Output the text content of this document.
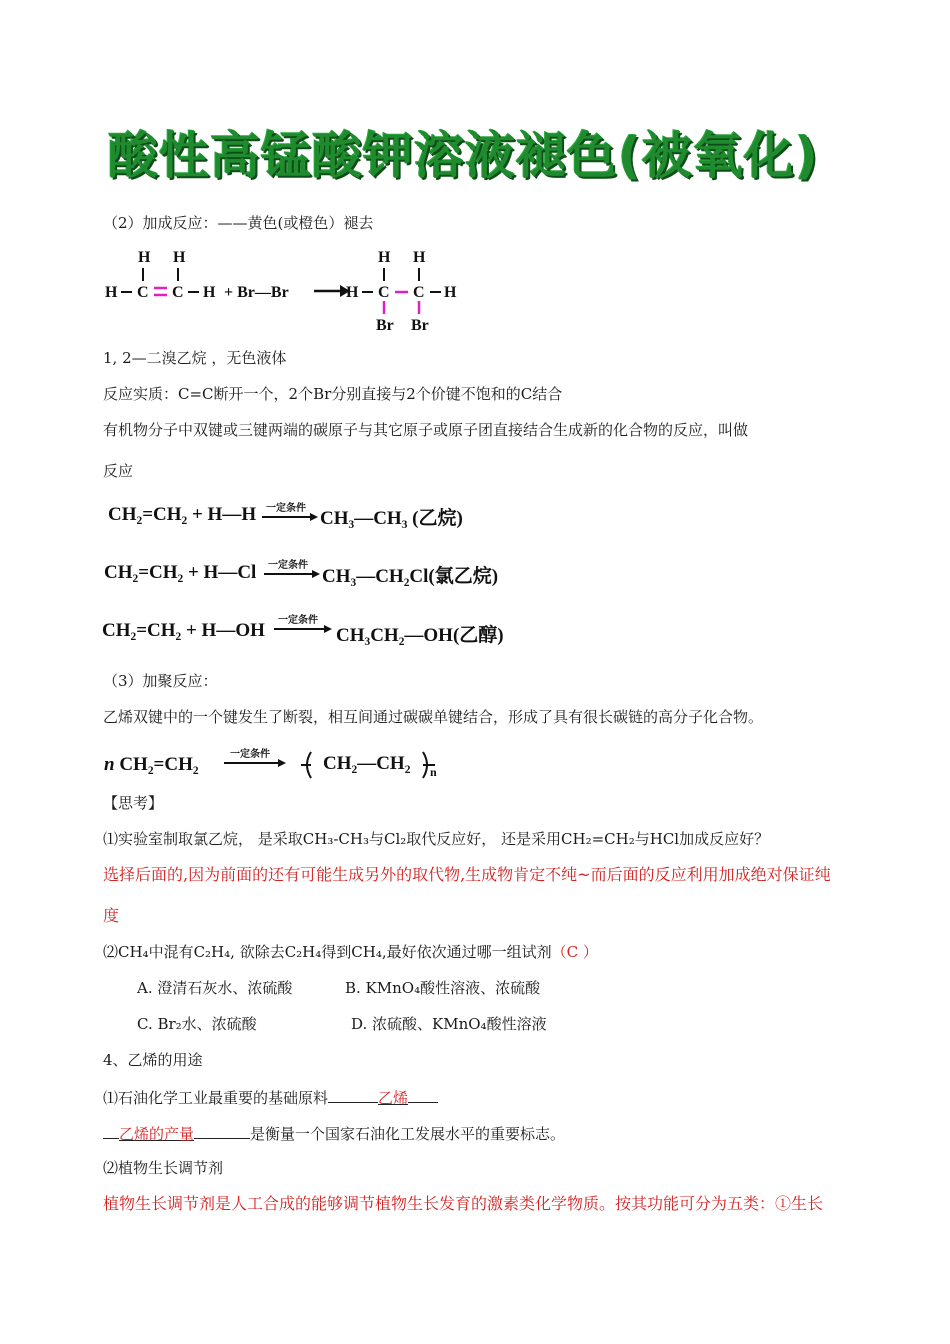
酸性高锰酸钾溶液褪色(被氧化)
（2）加成反应：——黄色(或橙色）褪去
H H
H C C H + Br—Br
H H
H C C H
Br Br
1, 2—二溴乙烷 ，无色液体
反应实质：C=C断开一个，2个Br分别直接与2个价键不饱和的C结合
有机物分子中双键或三键两端的碳原子与其它原子或原子团直接结合生成新的化合物的反应，叫做
反应
CH₂=CH₂ + H—H 一定条件 → CH₃—CH₃ (乙烷)
CH₂=CH₂ + H—Cl 一定条件
→ CH₃—CH₂Cl(氯乙烷)
CH₂=CH₂ + H—OH 一定条件
→ CH₃CH₂—OH(乙醇)
（3）加聚反应：
乙烯双键中的一个键发生了断裂，相互间通过碳碳单键结合，形成了具有很长碳链的高分子化合物。
n CH₂=CH₂	一定条件	CH₂—CH₂ n
【思考】
⑴实验室制取氯乙烷， 是采取CH₃-CH₃与Cl₂取代反应好， 还是采用CH₂=CH₂与HCl加成反应好？
选择后面的,因为前面的还有可能生成另外的取代物,生成物肯定不纯~而后面的反应利用加成绝对保证纯
度
⑵CH₄中混有C₂H₄, 欲除去C₂H₄得到CH₄,最好依次通过哪一组试剂（C ）
A. 澄清石灰水、浓硫酸	B. KMnO₄酸性溶液、浓硫酸
C. Br₂水、浓硫酸	D. 浓硫酸、KMnO₄酸性溶液
4、乙烯的用途
⑴石油化学工业最重要的基础原料	乙烯
乙烯的产量	是衡量一个国家石油化工发展水平的重要标志。
⑵植物生长调节剂
植物生长调节剂是人工合成的能够调节植物生长发育的激素类化学物质。按其功能可分为五类：①生长
